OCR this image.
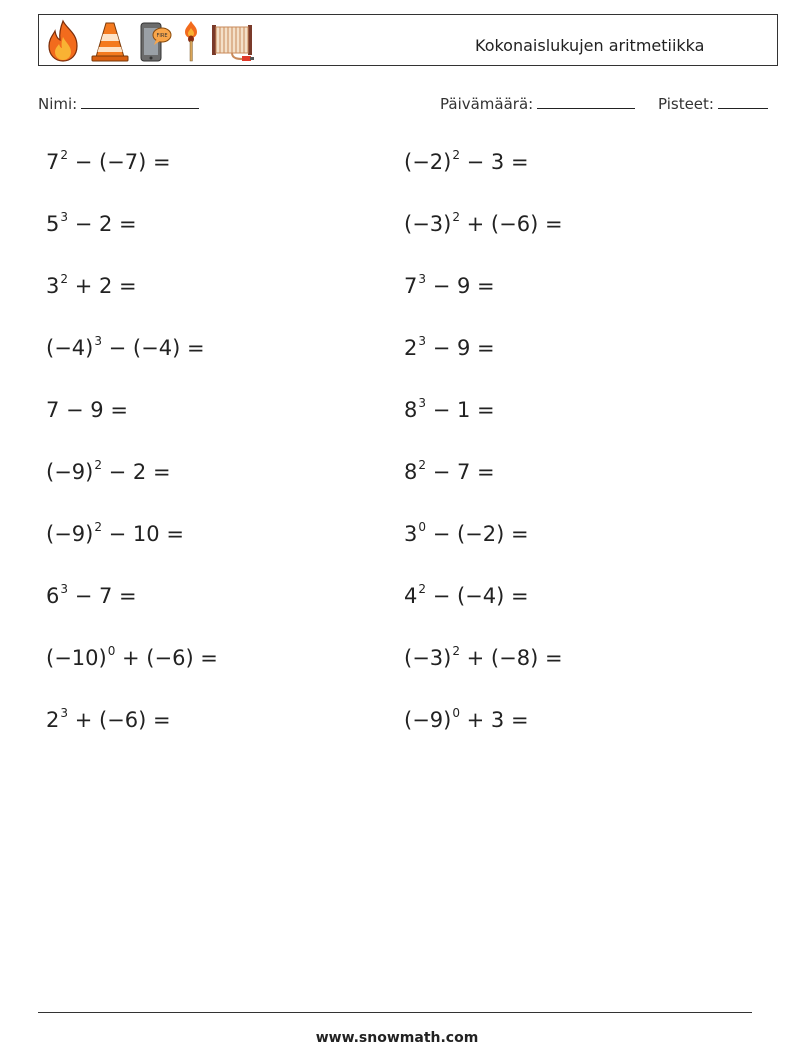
FIRE	Kokonaislukujen aritmetiikka
Nimi:	Päivämäärä:	Pisteet:
$7^2 - (-7)$ =
$5^3 - 2$ =
$3^2 + 2$ =
$(-4)^3 - (-4)$ =
7 − 9 =
$(-9)^2 - 2$ =
$(-9)^2 - 10$ =
$6^3 - 7$ =
$(-10)^0 + (-6)$ =
$2^3 + (-6)$ =
$(-2)^2 - 3$ =
$(-3)^2 + (-6)$ =
$7^3 - 9$ =
$2^3 - 9$ =
$8^3 - 1$ =
$8^2 - 7$ =
$3^0 - (-2)$ =
$4^2 - (-4)$ =
$(-3)^2 + (-8)$ =
$(-9)^0 + 3$ =
www.snowmath.com
